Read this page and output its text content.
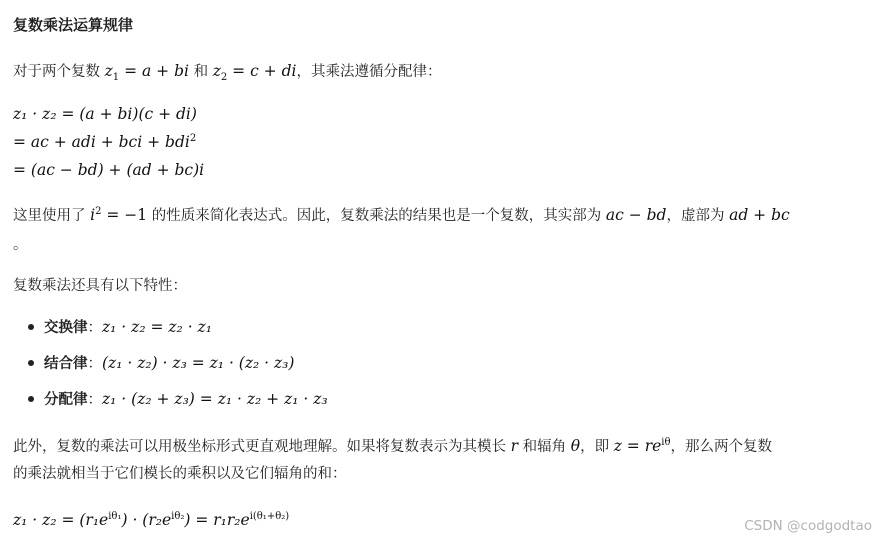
复数乘法运算规律
对于两个复数 $z_1 = a$ + bi 和 $z_2 = c$ + di，其乘法遵循分配律：
z₁ · z₂ = (a + bi)(c + di)
= ac + adi + bci + bdi$^2$
= (ac − bd) + (ad + bc)i
这里使用了 $i^2 = -1$ 的性质来简化表达式。因此，复数乘法的结果也是一个复数，其实部为 ac − bd，虚部为 ad + bc
。
复数乘法还具有以下特性：
交换律：z₁ · z₂ = z₂ · z₁
结合律：(z₁ · z₂) · z₃ = z₁ · (z₂ · z₃)
分配律：z₁ · (z₂ + z₃) = z₁ · z₂ + z₁ · z₃
此外，复数的乘法可以用极坐标形式更直观地理解。如果将复数表示为其模长 r 和辐角 θ，即 $z = re^{i\theta}$，那么两个复数
的乘法就相当于它们模长的乘积以及它们辐角的和：
$z_1 \cdot z_2 = (r_1e^{i\theta_1}) \cdot (r_2e^{i\theta_2}) = r_1r_2e^{i(\theta_1+\theta_2)}$
CSDN @codgodtao
